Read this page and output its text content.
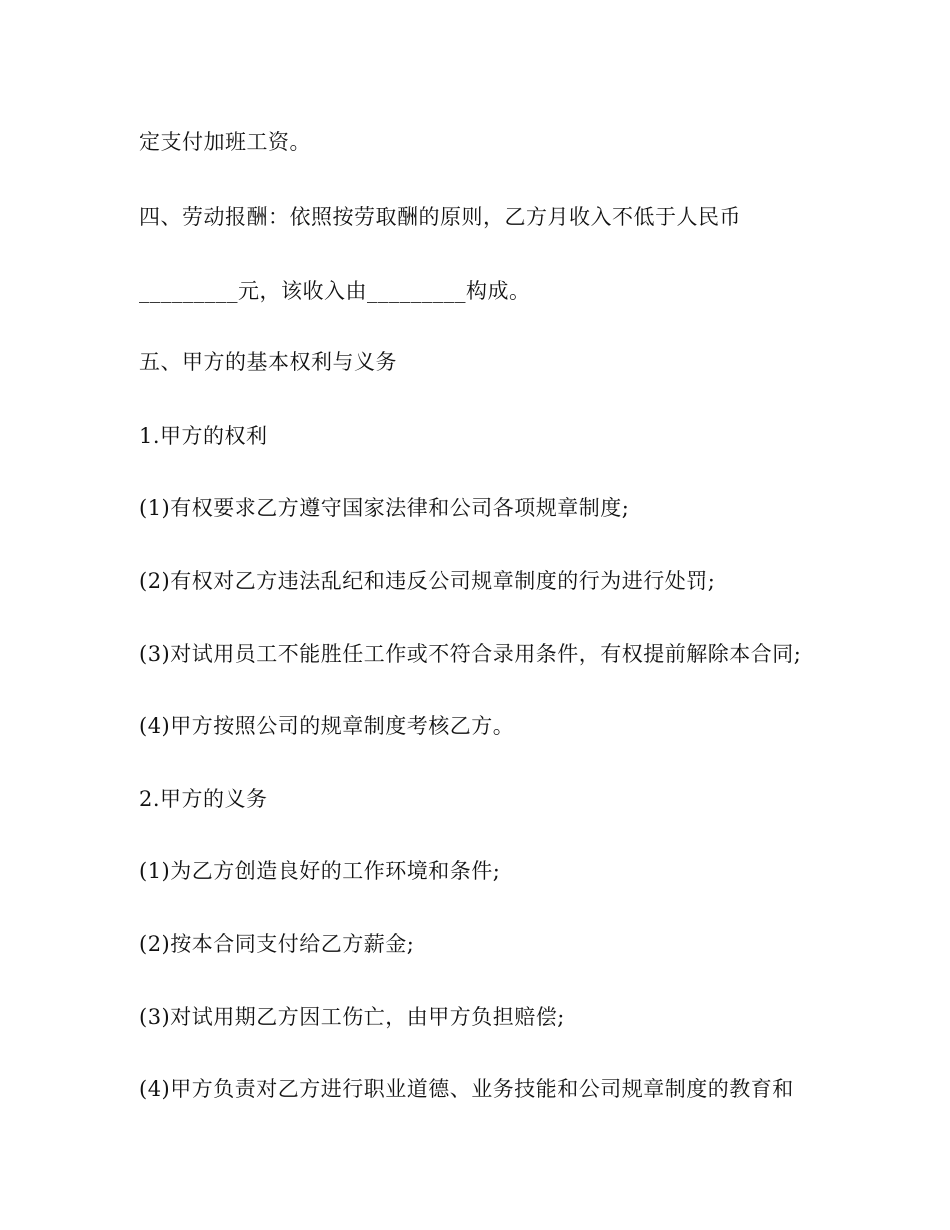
定支付加班工资。
四、劳动报酬：依照按劳取酬的原则，乙方月收入不低于人民币
_________元，该收入由_________构成。
五、甲方的基本权利与义务
1.甲方的权利
(1)有权要求乙方遵守国家法律和公司各项规章制度;
(2)有权对乙方违法乱纪和违反公司规章制度的行为进行处罚;
(3)对试用员工不能胜任工作或不符合录用条件，有权提前解除本合同;
(4)甲方按照公司的规章制度考核乙方。
2.甲方的义务
(1)为乙方创造良好的工作环境和条件;
(2)按本合同支付给乙方薪金;
(3)对试用期乙方因工伤亡，由甲方负担赔偿;
(4)甲方负责对乙方进行职业道德、业务技能和公司规章制度的教育和
